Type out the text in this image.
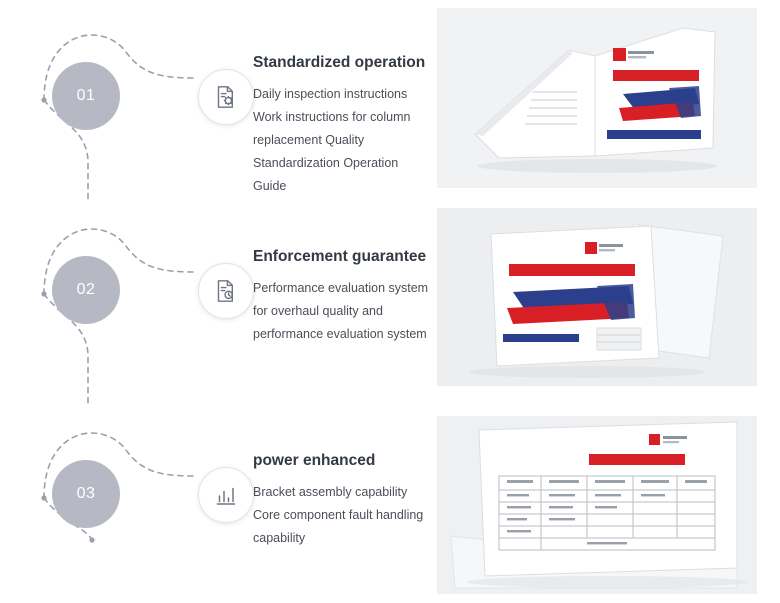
01
Standardized operation
Daily inspection instructions Work instructions for column replacement Quality Standardization Operation Guide
02
Enforcement guarantee
Performance evaluation system for overhaul quality and performance evaluation system
03
power enhanced
Bracket assembly capability Core component fault handling capability
